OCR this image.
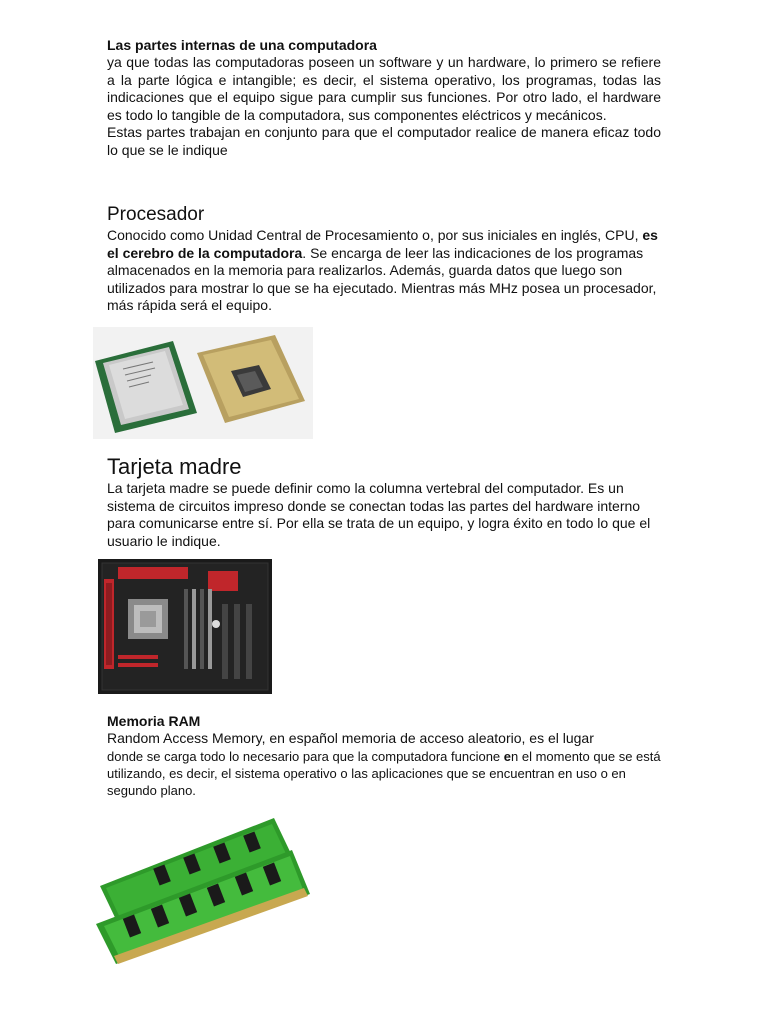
Las partes internas de una computadora

ya que todas las computadoras poseen un software y un hardware, lo primero se refiere a la parte lógica e intangible; es decir, el sistema operativo, los programas, todas las indicaciones que el equipo sigue para cumplir sus funciones. Por otro lado, el hardware es todo lo tangible de la computadora, sus componentes eléctricos y mecánicos.

Estas partes trabajan en conjunto para que el computador realice de manera eficaz todo lo que se le indique

Procesador

Conocido como Unidad Central de Procesamiento o, por sus iniciales en inglés, CPU, es el cerebro de la computadora. Se encarga de leer las indicaciones de los programas almacenados en la memoria para realizarlos. Además, guarda datos que luego son utilizados para mostrar lo que se ha ejecutado. Mientras más MHz posea un procesador, más rápida será el equipo.

Tarjeta madre

La tarjeta madre se puede definir como la columna vertebral del computador. Es un sistema de circuitos impreso donde se conectan todas las partes del hardware interno para comunicarse entre sí. Por ella se trata de un equipo, y logra éxito en todo lo que el usuario le indique.

Memoria RAM

Random Access Memory, en español memoria de acceso aleatorio, es el lugar

donde se carga todo lo necesario para que la computadora funcione en el momento que se está utilizando, es decir, el sistema operativo o las aplicaciones que se encuentran en uso o en segundo plano.
